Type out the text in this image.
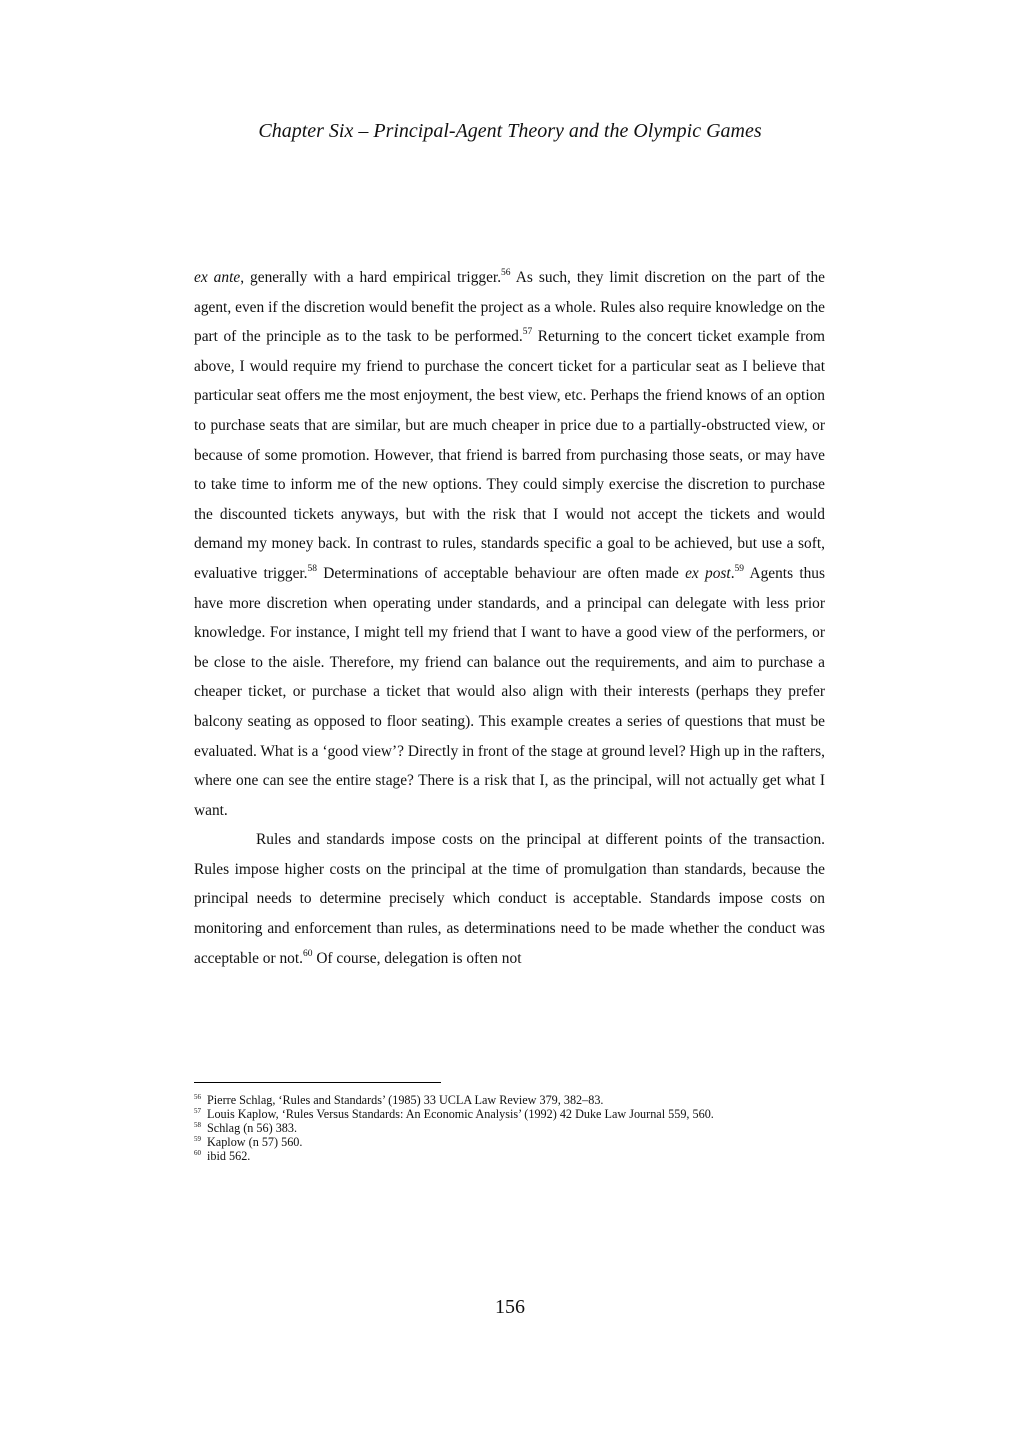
Chapter Six – Principal-Agent Theory and the Olympic Games

ex ante, generally with a hard empirical trigger.$^{56}$ As such, they limit discretion on the part of the agent, even if the discretion would benefit the project as a whole. Rules also require knowledge on the part of the principle as to the task to be performed.$^{57}$ Returning to the concert ticket example from above, I would require my friend to purchase the concert ticket for a particular seat as I believe that particular seat offers me the most enjoyment, the best view, etc. Perhaps the friend knows of an option to purchase seats that are similar, but are much cheaper in price due to a partially-obstructed view, or because of some promotion. However, that friend is barred from purchasing those seats, or may have to take time to inform me of the new options. They could simply exercise the discretion to purchase the discounted tickets anyways, but with the risk that I would not accept the tickets and would demand my money back. In contrast to rules, standards specific a goal to be achieved, but use a soft, evaluative trigger.$^{58}$ Determinations of acceptable behaviour are often made ex post.$^{59}$ Agents thus have more discretion when operating under standards, and a principal can delegate with less prior knowledge. For instance, I might tell my friend that I want to have a good view of the performers, or be close to the aisle. Therefore, my friend can balance out the requirements, and aim to purchase a cheaper ticket, or purchase a ticket that would also align with their interests (perhaps they prefer balcony seating as opposed to floor seating). This example creates a series of questions that must be evaluated. What is a ‘good view’? Directly in front of the stage at ground level? High up in the rafters, where one can see the entire stage? There is a risk that I, as the principal, will not actually get what I want.

Rules and standards impose costs on the principal at different points of the transaction. Rules impose higher costs on the principal at the time of promulgation than standards, because the principal needs to determine precisely which conduct is acceptable. Standards impose costs on monitoring and enforcement than rules, as determinations need to be made whether the conduct was acceptable or not.$^{60}$ Of course, delegation is often not

$^{56}$ Pierre Schlag, ‘Rules and Standards’ (1985) 33 UCLA Law Review 379, 382–83.
$^{57}$ Louis Kaplow, ‘Rules Versus Standards: An Economic Analysis’ (1992) 42 Duke Law Journal 559, 560.
$^{58}$ Schlag (n 56) 383.
$^{59}$ Kaplow (n 57) 560.
$^{60}$ ibid 562.
156
